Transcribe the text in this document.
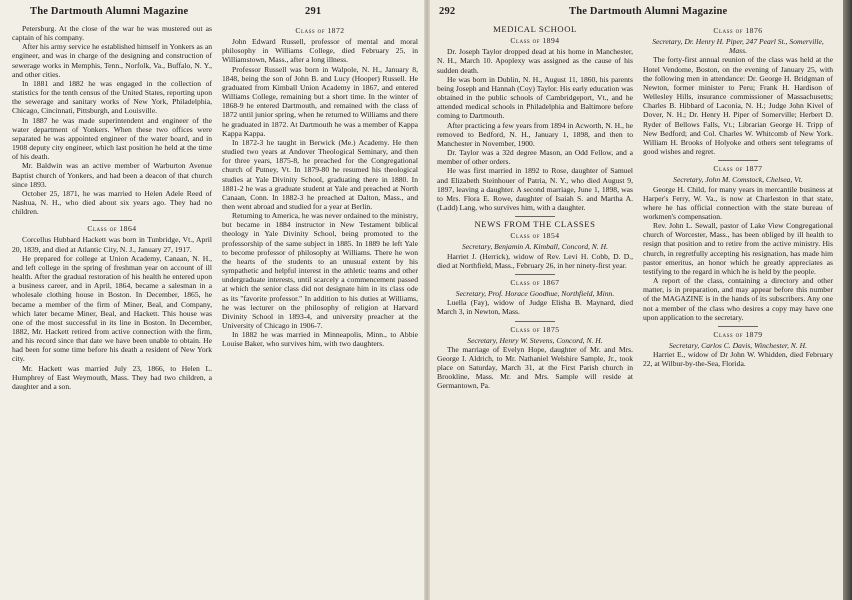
The Dartmouth Alumni Magazine	291

Petersburg. At the close of the war he was mustered out as captain of his company.

After his army service he established himself in Yonkers as an engineer, and was in charge of the designing and construction of sewerage works in Memphis, Tenn., Norfolk, Va., Buffalo, N. Y., and other cities.

In 1881 and 1882 he was engaged in the collection of statistics for the tenth census of the United States, reporting upon the sewerage and sanitary works of New York, Philadelphia, Chicago, Cincinnati, Pittsburgh, and Louisville.

In 1887 he was made superintendent and engineer of the water department of Yonkers. When these two offices were separated he was appointed engineer of the water board, and in 1908 deputy city engineer, which last position he held at the time of his death.

Mr. Baldwin was an active member of Warburton Avenue Baptist church of Yonkers, and had been a deacon of that church since 1893.

October 25, 1871, he was married to Helen Adele Reed of Nashua, N. H., who died about six years ago. They had no children.

Class of 1864

Corcellus Hubbard Hackett was born in Tunbridge, Vt., April 20, 1839, and died at Atlantic City, N. J., January 27, 1917.

He prepared for college at Union Academy, Canaan, N. H., and left college in the spring of freshman year on account of ill health. After the gradual restoration of his health he entered upon a business career, and in April, 1864, became a salesman in a wholesale clothing house in Boston. In December, 1865, he became a member of the firm of Miner, Beal, and Company, which later became Miner, Beal, and Hackett. This house was one of the most successful in its line in Boston. In December, 1882, Mr. Hackett retired from active connection with the firm, and his record since that date we have been unable to obtain. He had been for some time before his death a resident of New York city.

Mr. Hackett was married July 23, 1866, to Helen L. Humphrey of East Weymouth, Mass. They had two children, a daughter and a son.

Class of 1872

John Edward Russell, professor of mental and moral philosophy in Williams College, died February 25, in Williamstown, Mass., after a long illness.

Professor Russell was born in Walpole, N. H., January 8, 1848, being the son of John B. and Lucy (Hooper) Russell. He graduated from Kimball Union Academy in 1867, and entered Williams College, remaining but a short time. In the winter of 1868-9 he entered Dartmouth, and remained with the class of 1872 until junior spring, when he returned to Williams and there he graduated in 1872. At Dartmouth he was a member of Kappa Kappa Kappa.

In 1872-3 he taught in Berwick (Me.) Academy. He then studied two years at Andover Theological Seminary, and then for three years, 1875-8, he preached for the Congregational church of Putney, Vt. In 1879-80 he resumed his theological studies at Yale Divinity School, graduating there in 1880. In 1881-2 he was a graduate student at Yale and preached at North Canaan, Conn. In 1882-3 he preached at Dalton, Mass., and then went abroad and studied for a year at Berlin.

Returning to America, he was never ordained to the ministry, but became in 1884 instructor in New Testament biblical theology in Yale Divinity School, being promoted to the professorship of the same subject in 1885. In 1889 he left Yale to become professor of philosophy at Williams. There he won the hearts of the students to an unusual extent by his sympathetic and helpful interest in the athletic teams and other undergraduate interests, until scarcely a commencement passed at which the senior class did not designate him in its class ode as its "favorite professor." In addition to his duties at Williams, he was lecturer on the philosophy of religion at Harvard Divinity School in 1893-4, and university preacher at the University of Chicago in 1906-7.

In 1882 he was married in Minneapolis, Minn., to Abbie Louise Baker, who survives him, with two daughters.

292	The Dartmouth Alumni Magazine

MEDICAL SCHOOL

Class of 1894

Dr. Joseph Taylor dropped dead at his home in Manchester, N. H., March 10. Apoplexy was assigned as the cause of his sudden death.

He was born in Dublin, N. H., August 11, 1860, his parents being Joseph and Hannah (Coy) Taylor. His early education was obtained in the public schools of Cambridgeport, Vt., and he attended medical schools in Philadelphia and Baltimore before coming to Dartmouth.

After practicing a few years from 1894 in Acworth, N. H., he removed to Bedford, N. H., January 1, 1898, and then to Manchester in November, 1900.

Dr. Taylor was a 32d degree Mason, an Odd Fellow, and a member of other orders.

He was first married in 1892 to Rose, daughter of Samuel and Elizabeth Steinhouer of Patria, N. Y., who died August 9, 1897, leaving a daughter. A second marriage, June 1, 1898, was to Mrs. Flora E. Rowe, daughter of Isaiah S. and Martha A. (Ladd) Lang, who survives him, with a daughter.

NEWS FROM THE CLASSES

Class of 1854

Secretary, Benjamin A. Kimball, Concord, N. H.

Harriet J. (Herrick), widow of Rev. Levi H. Cobb, D. D., died at Northfield, Mass., February 26, in her ninety-first year.

Class of 1867

Secretary, Prof. Horace Goodhue, Northfield, Minn.

Luella (Fay), widow of Judge Elisha B. Maynard, died March 3, in Newton, Mass.

Class of 1875

Secretary, Henry W. Stevens, Concord, N. H.

The marriage of Evelyn Hope, daughter of Mr. and Mrs. George I. Aldrich, to Mr. Nathaniel Welshire Sample, Jr., took place on Saturday, March 31, at the First Parish church in Brookline, Mass. Mr. and Mrs. Sample will reside at Germantown, Pa.

Class of 1876

Secretary, Dr. Henry H. Piper, 247 Pearl St., Somerville, Mass.

The forty-first annual reunion of the class was held at the Hotel Vendome, Boston, on the evening of January 25, with the following men in attendance: Dr. George H. Bridgman of Newton, former minister to Peru; Frank H. Hardison of Wellesley Hills, insurance commissioner of Massachusetts; Charles B. Hibbard of Laconia, N. H.; Judge John Kivel of Dover, N. H.; Dr. Henry H. Piper of Somerville; Herbert D. Ryder of Bellows Falls, Vt.; Librarian George H. Tripp of New Bedford; and Col. Charles W. Whitcomb of New York. William H. Brooks of Holyoke and others sent telegrams of good wishes and regret.

Class of 1877

Secretary, John M. Comstock, Chelsea, Vt.

George H. Child, for many years in mercantile business at Harper's Ferry, W. Va., is now at Charleston in that state, where he has official connection with the state bureau of workmen's compensation.

Rev. John L. Sewall, pastor of Lake View Congregational church of Worcester, Mass., has been obliged by ill health to resign that position and to retire from the active ministry. His church, in regretfully accepting his resignation, has made him pastor emeritus, an honor which he greatly appreciates as testifying to the regard in which he is held by the people.

A report of the class, containing a directory and other matter, is in preparation, and may appear before this number of the MAGAZINE is in the hands of its subscribers. Any one not a member of the class who desires a copy may have one upon application to the secretary.

Class of 1879

Secretary, Carlos C. Davis, Winchester, N. H.

Harriet E., widow of Dr John W. Whidden, died February 22, at Wilbur-by-the-Sea, Florida.
